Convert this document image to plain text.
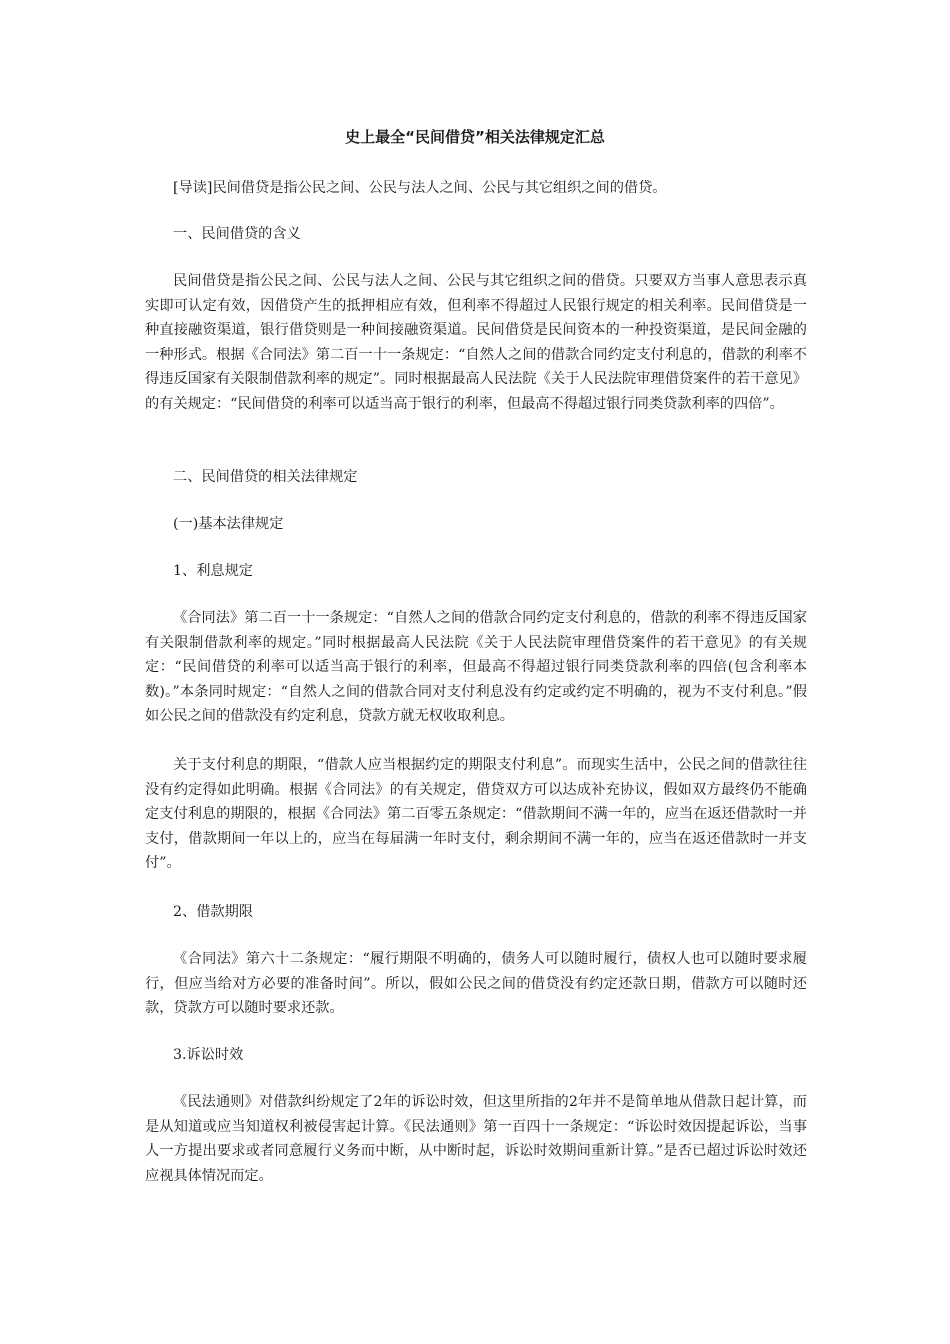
史上最全“民间借贷”相关法律规定汇总

[导读]民间借贷是指公民之间、公民与法人之间、公民与其它组织之间的借贷。

一、民间借贷的含义

民间借贷是指公民之间、公民与法人之间、公民与其它组织之间的借贷。只要双方当事人意思表示真实即可认定有效，因借贷产生的抵押相应有效，但利率不得超过人民银行规定的相关利率。民间借贷是一种直接融资渠道，银行借贷则是一种间接融资渠道。民间借贷是民间资本的一种投资渠道，是民间金融的一种形式。根据《合同法》第二百一十一条规定：“自然人之间的借款合同约定支付利息的，借款的利率不得违反国家有关限制借款利率的规定”。同时根据最高人民法院《关于人民法院审理借贷案件的若干意见》的有关规定：“民间借贷的利率可以适当高于银行的利率，但最高不得超过银行同类贷款利率的四倍”。

二、民间借贷的相关法律规定

(一)基本法律规定

1、利息规定

《合同法》第二百一十一条规定：“自然人之间的借款合同约定支付利息的，借款的利率不得违反国家有关限制借款利率的规定。”同时根据最高人民法院《关于人民法院审理借贷案件的若干意见》的有关规定：“民间借贷的利率可以适当高于银行的利率，但最高不得超过银行同类贷款利率的四倍(包含利率本数)。”本条同时规定：“自然人之间的借款合同对支付利息没有约定或约定不明确的，视为不支付利息。”假如公民之间的借款没有约定利息，贷款方就无权收取利息。

关于支付利息的期限，“借款人应当根据约定的期限支付利息”。而现实生活中，公民之间的借款往往没有约定得如此明确。根据《合同法》的有关规定，借贷双方可以达成补充协议，假如双方最终仍不能确定支付利息的期限的，根据《合同法》第二百零五条规定：“借款期间不满一年的，应当在返还借款时一并支付，借款期间一年以上的，应当在每届满一年时支付，剩余期间不满一年的，应当在返还借款时一并支付”。

2、借款期限

《合同法》第六十二条规定：“履行期限不明确的，债务人可以随时履行，债权人也可以随时要求履行，但应当给对方必要的准备时间”。所以，假如公民之间的借贷没有约定还款日期，借款方可以随时还款，贷款方可以随时要求还款。

3.诉讼时效

《民法通则》对借款纠纷规定了2年的诉讼时效，但这里所指的2年并不是简单地从借款日起计算，而是从知道或应当知道权利被侵害起计算。《民法通则》第一百四十一条规定：“诉讼时效因提起诉讼，当事人一方提出要求或者同意履行义务而中断，从中断时起，诉讼时效期间重新计算。”是否已超过诉讼时效还应视具体情况而定。
